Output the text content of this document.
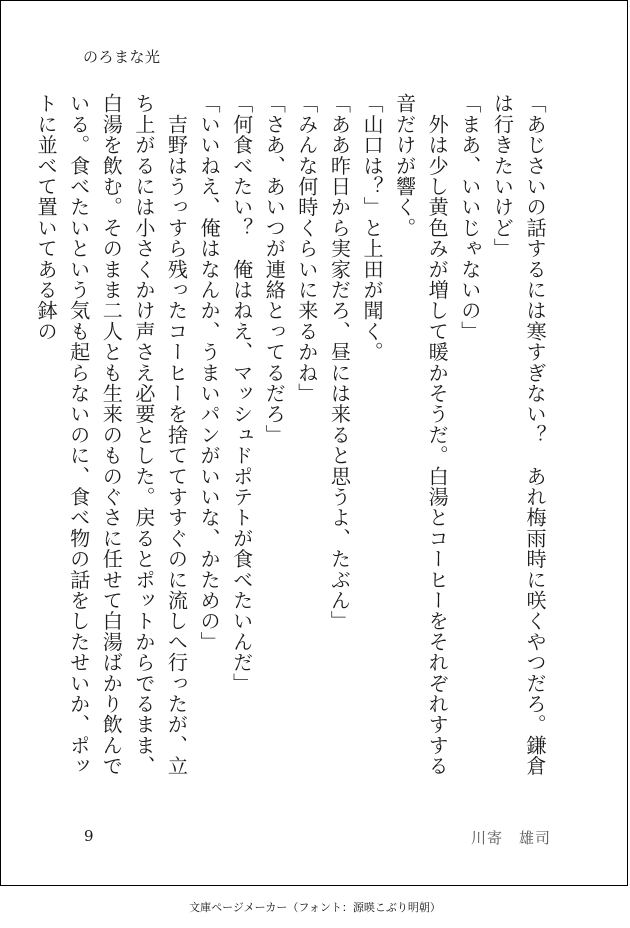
のろまな光

「あじさいの話するには寒すぎない？　あれ梅雨時に咲くやつだろ。鎌倉は行きたいけど」

「まあ、いいじゃないの」

　外は少し黄色みが増して暖かそうだ。白湯とコーヒーをそれぞれすする音だけが響く。

「山口は？」と上田が聞く。

「ああ昨日から実家だろ、昼には来ると思うよ、たぶん」

「みんな何時くらいに来るかね」

「さあ、あいつが連絡とってるだろ」

「何食べたい？　俺はねえ、マッシュドポテトが食べたいんだ」

「いいねえ、俺はなんか、うまいパンがいいな、かための」

　吉野はうっすら残ったコーヒーを捨ててすすぐのに流しへ行ったが、立ち上がるには小さくかけ声さえ必要とした。戻るとポットからでるまま、白湯を飲む。そのまま二人とも生来のものぐさに任せて白湯ばかり飲んでいる。食べたいという気も起らないのに、食べ物の話をしたせいか、ポットに並べて置いてある鉢の

9	川寄　雄司
文庫ページメーカー（フォント：源暎こぶり明朝）
